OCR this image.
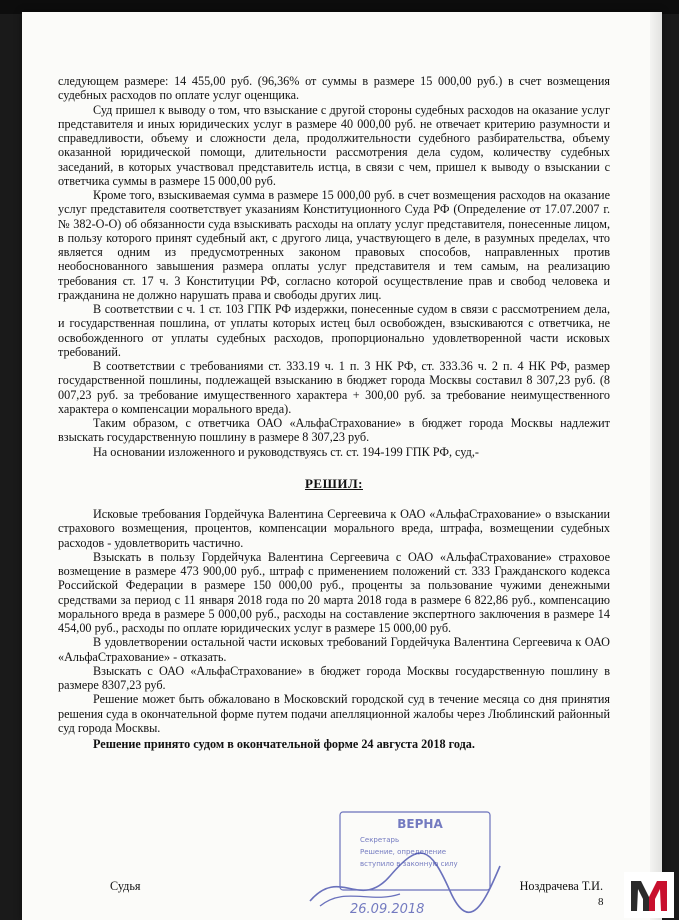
следующем размере: 14 455,00 руб. (96,36% от суммы в размере 15 000,00 руб.) в счет возмещения судебных расходов по оплате услуг оценщика.

Суд пришел к выводу о том, что взыскание с другой стороны судебных расходов на оказание услуг представителя и иных юридических услуг в размере 40 000,00 руб. не отвечает критерию разумности и справедливости, объему и сложности дела, продолжительности судебного разбирательства, объему оказанной юридической помощи, длительности рассмотрения дела судом, количеству судебных заседаний, в которых участвовал представитель истца, в связи с чем, пришел к выводу о взыскании с ответчика суммы в размере 15 000,00 руб.

Кроме того, взыскиваемая сумма в размере 15 000,00 руб. в счет возмещения расходов на оказание услуг представителя соответствует указаниям Конституционного Суда РФ (Определение от 17.07.2007 г. № 382-О-О) об обязанности суда взыскивать расходы на оплату услуг представителя, понесенные лицом, в пользу которого принят судебный акт, с другого лица, участвующего в деле, в разумных пределах, что является одним из предусмотренных законом правовых способов, направленных против необоснованного завышения размера оплаты услуг представителя и тем самым, на реализацию требования ст. 17 ч. 3 Конституции РФ, согласно которой осуществление прав и свобод человека и гражданина не должно нарушать права и свободы других лиц.

В соответствии с ч. 1 ст. 103 ГПК РФ издержки, понесенные судом в связи с рассмотрением дела, и государственная пошлина, от уплаты которых истец был освобожден, взыскиваются с ответчика, не освобожденного от уплаты судебных расходов, пропорционально удовлетворенной части исковых требований.

В соответствии с требованиями ст. 333.19 ч. 1 п. 3 НК РФ, ст. 333.36 ч. 2 п. 4 НК РФ, размер государственной пошлины, подлежащей взысканию в бюджет города Москвы составил 8 307,23 руб. (8 007,23 руб. за требование имущественного характера + 300,00 руб. за требование неимущественного характера о компенсации морального вреда).

Таким образом, с ответчика ОАО «АльфаСтрахование» в бюджет города Москвы надлежит взыскать государственную пошлину в размере 8 307,23 руб.

На основании изложенного и руководствуясь ст. ст. 194-199 ГПК РФ, суд,-

РЕШИЛ:

Исковые требования Гордейчука Валентина Сергеевича к ОАО «АльфаСтрахование» о взыскании страхового возмещения, процентов, компенсации морального вреда, штрафа, возмещении судебных расходов - удовлетворить частично.

Взыскать в пользу Гордейчука Валентина Сергеевича с ОАО «АльфаСтрахование» страховое возмещение в размере 473 900,00 руб., штраф с применением положений ст. 333 Гражданского кодекса Российской Федерации в размере 150 000,00 руб., проценты за пользование чужими денежными средствами за период с 11 января 2018 года по 20 марта 2018 года в размере 6 822,86 руб., компенсацию морального вреда в размере 5 000,00 руб., расходы на составление экспертного заключения в размере 14 454,00 руб., расходы по оплате юридических услуг в размере 15 000,00 руб.

В удовлетворении остальной части исковых требований Гордейчука Валентина Сергеевича к ОАО «АльфаСтрахование» - отказать.

Взыскать с ОАО «АльфаСтрахование» в бюджет города Москвы государственную пошлину в размере 8307,23 руб.

Решение может быть обжаловано в Московский городской суд в течение месяца со дня принятия решения суда в окончательной форме путем подачи апелляционной жалобы через Люблинский районный суд города Москвы.

Решение принято судом в окончательной форме 24 августа 2018 года.
Судья	Ноздрачева Т.И.
8
ВЕРНА
Секретарь
Решение, определение
вступило в законную силу
26.09.2018
